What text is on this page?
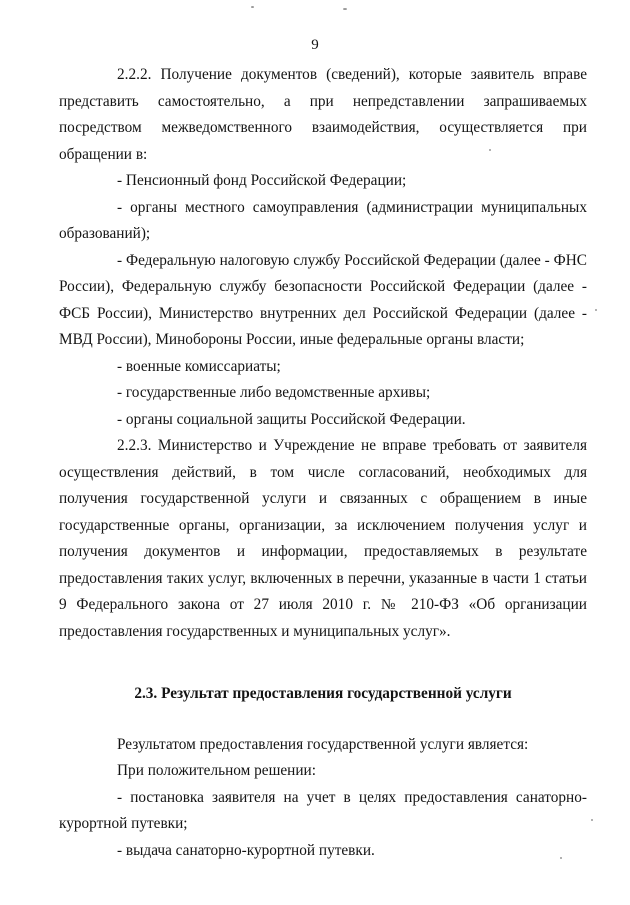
9

2.2.2. Получение документов (сведений), которые заявитель вправе представить самостоятельно, а при непредставлении запрашиваемых посредством межведомственного взаимодействия, осуществляется при обращении в:

- Пенсионный фонд Российской Федерации;

- органы местного самоуправления (администрации муниципальных образований);

- Федеральную налоговую службу Российской Федерации (далее - ФНС России), Федеральную службу безопасности Российской Федерации (далее - ФСБ России), Министерство внутренних дел Российской Федерации (далее - МВД России), Минобороны России, иные федеральные органы власти;

- военные комиссариаты;

- государственные либо ведомственные архивы;

- органы социальной защиты Российской Федерации.

2.2.3. Министерство и Учреждение не вправе требовать от заявителя осуществления действий, в том числе согласований, необходимых для получения государственной услуги и связанных с обращением в иные государственные органы, организации, за исключением получения услуг и получения документов и информации, предоставляемых в результате предоставления таких услуг, включенных в перечни, указанные в части 1 статьи 9 Федерального закона от 27 июля 2010 г. № 210-ФЗ «Об организации предоставления государственных и муниципальных услуг».

2.3. Результат предоставления государственной услуги

Результатом предоставления государственной услуги является:

При положительном решении:

- постановка заявителя на учет в целях предоставления санаторно-курортной путевки;

- выдача санаторно-курортной путевки.
